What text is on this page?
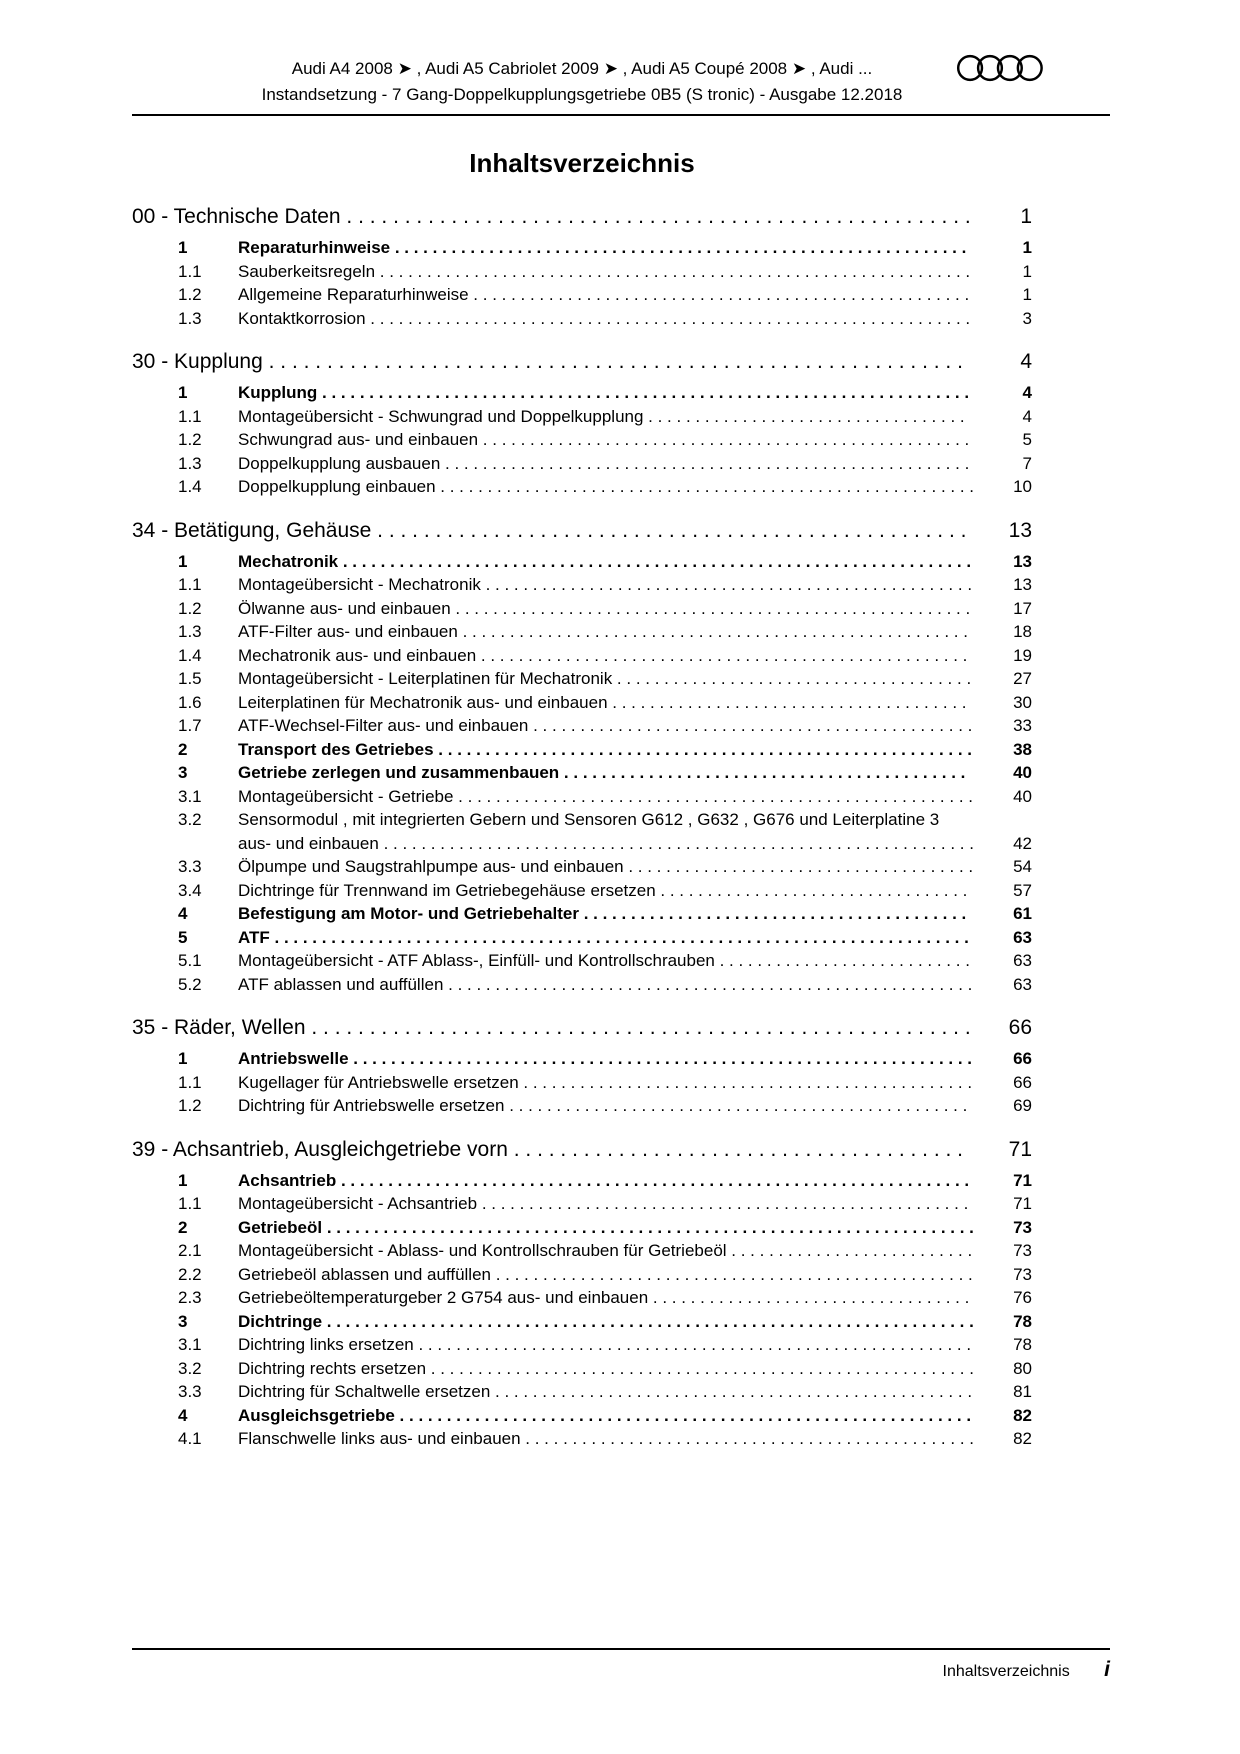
Audi A4 2008 ➤ , Audi A5 Cabriolet 2009 ➤ , Audi A5 Coupé 2008 ➤ , Audi ...
Instandsetzung - 7 Gang-Doppelkupplungsgetriebe 0B5 (S tronic) - Ausgabe 12.2018
Inhaltsverzeichnis
00 - Technische Daten . . .	1
1	Reparaturhinweise . . .	1
1.1	Sauberkeitsregeln . . .	1
1.2	Allgemeine Reparaturhinweise . . .	1
1.3	Kontaktkorrosion . . .	3
30 - Kupplung . . .	4
1	Kupplung . . .	4
1.1	Montageübersicht - Schwungrad und Doppelkupplung . . .	4
1.2	Schwungrad aus- und einbauen . . .	5
1.3	Doppelkupplung ausbauen . . .	7
1.4	Doppelkupplung einbauen . . .	10
34 - Betätigung, Gehäuse . . .	13
1	Mechatronik . . .	13
1.1	Montageübersicht - Mechatronik . . .	13
1.2	Ölwanne aus- und einbauen . . .	17
1.3	ATF-Filter aus- und einbauen . . .	18
1.4	Mechatronik aus- und einbauen . . .	19
1.5	Montageübersicht - Leiterplatinen für Mechatronik . . .	27
1.6	Leiterplatinen für Mechatronik aus- und einbauen . . .	30
1.7	ATF-Wechsel-Filter aus- und einbauen . . .	33
2	Transport des Getriebes . . .	38
3	Getriebe zerlegen und zusammenbauen . . .	40
3.1	Montageübersicht - Getriebe . . .	40
3.2	Sensormodul , mit integrierten Gebern und Sensoren G612 , G632 , G676 und Leiterplatine 3 aus- und einbauen . . .	42
3.3	Ölpumpe und Saugstrahlpumpe aus- und einbauen . . .	54
3.4	Dichtringe für Trennwand im Getriebegehäuse ersetzen . . .	57
4	Befestigung am Motor- und Getriebehalter . . .	61
5	ATF . . .	63
5.1	Montageübersicht - ATF Ablass-, Einfüll- und Kontrollschrauben . . .	63
5.2	ATF ablassen und auffüllen . . .	63
35 - Räder, Wellen . . .	66
1	Antriebswelle . . .	66
1.1	Kugellager für Antriebswelle ersetzen . . .	66
1.2	Dichtring für Antriebswelle ersetzen . . .	69
39 - Achsantrieb, Ausgleichgetriebe vorn . . .	71
1	Achsantrieb . . .	71
1.1	Montageübersicht - Achsantrieb . . .	71
2	Getriebeöl . . .	73
2.1	Montageübersicht - Ablass- und Kontrollschrauben für Getriebeöl . . .	73
2.2	Getriebeöl ablassen und auffüllen . . .	73
2.3	Getriebeöltemperaturgeber 2 G754 aus- und einbauen . . .	76
3	Dichtringe . . .	78
3.1	Dichtring links ersetzen . . .	78
3.2	Dichtring rechts ersetzen . . .	80
3.3	Dichtring für Schaltwelle ersetzen . . .	81
4	Ausgleichsgetriebe . . .	82
4.1	Flanschwelle links aus- und einbauen . . .	82
Inhaltsverzeichnis i
